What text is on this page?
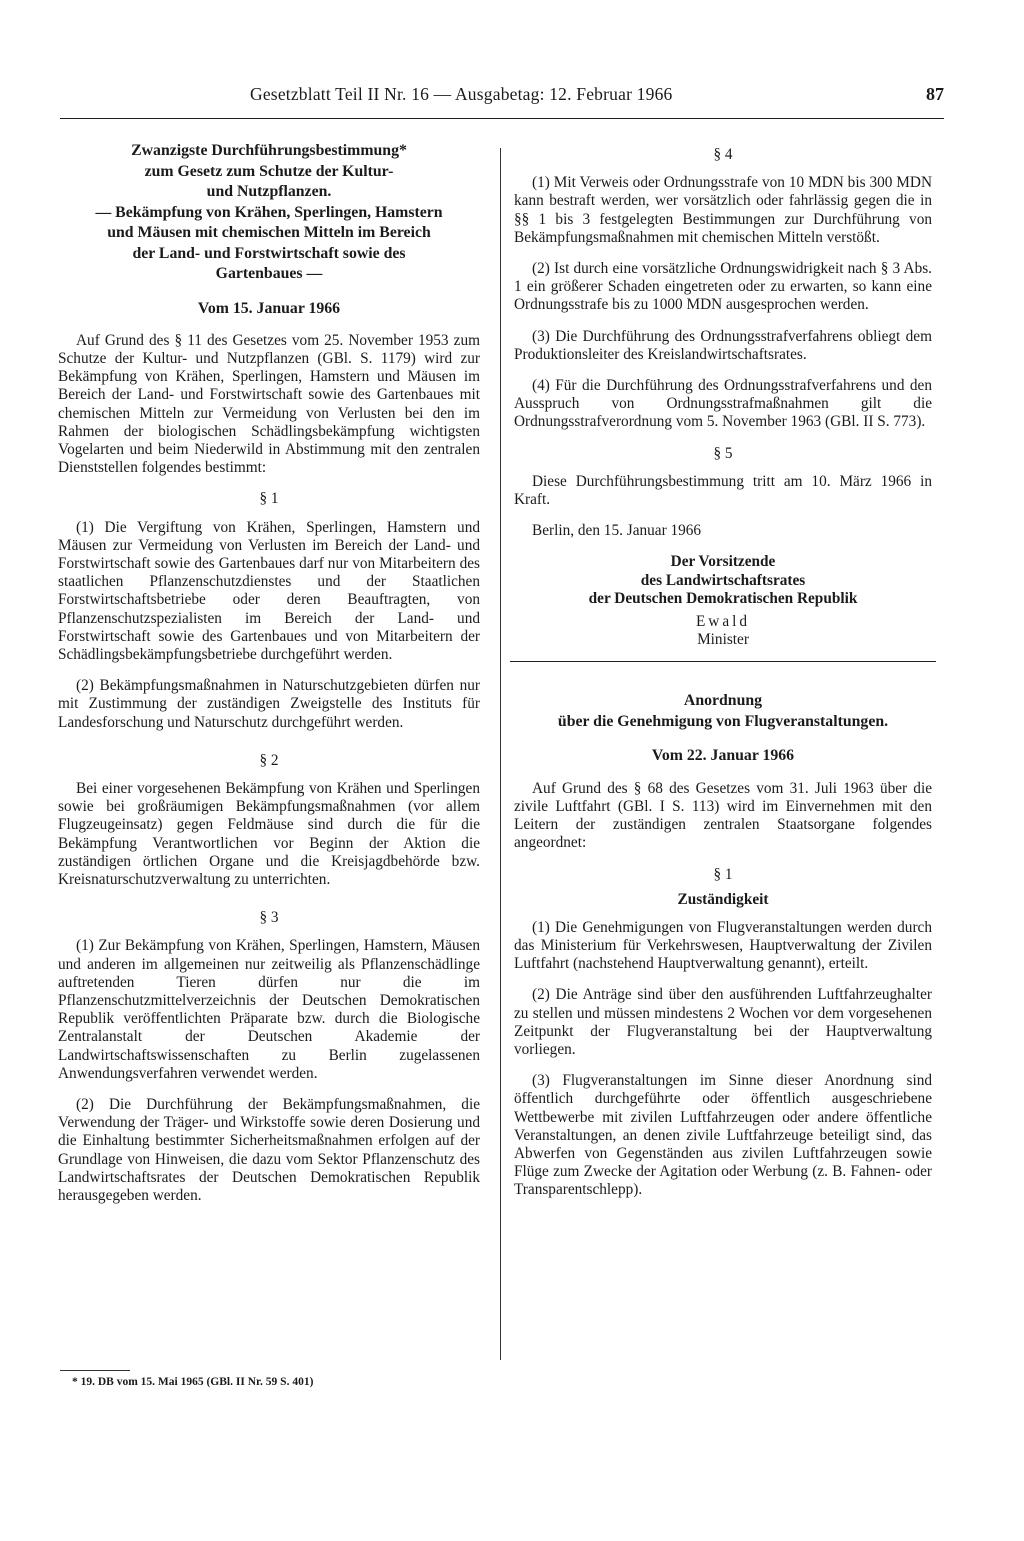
Gesetzblatt Teil II Nr. 16 — Ausgabetag: 12. Februar 1966	87
Zwanzigste Durchführungsbestimmung*
zum Gesetz zum Schutze der Kultur-
und Nutzpflanzen.
— Bekämpfung von Krähen, Sperlingen, Hamstern
und Mäusen mit chemischen Mitteln im Bereich
der Land- und Forstwirtschaft sowie des
Gartenbaues —
Vom 15. Januar 1966

Auf Grund des § 11 des Gesetzes vom 25. November 1953 zum Schutze der Kultur- und Nutzpflanzen (GBl. S. 1179) wird zur Bekämpfung von Krähen, Sperlingen, Hamstern und Mäusen im Bereich der Land- und Forstwirtschaft sowie des Gartenbaues mit chemischen Mitteln zur Vermeidung von Verlusten bei den im Rahmen der biologischen Schädlingsbekämpfung wichtigsten Vogelarten und beim Niederwild in Abstimmung mit den zentralen Dienststellen folgendes bestimmt:

§ 1

(1) Die Vergiftung von Krähen, Sperlingen, Hamstern und Mäusen zur Vermeidung von Verlusten im Bereich der Land- und Forstwirtschaft sowie des Gartenbaues darf nur von Mitarbeitern des staatlichen Pflanzenschutzdienstes und der Staatlichen Forstwirtschaftsbetriebe oder deren Beauftragten, von Pflanzenschutzspezialisten im Bereich der Land- und Forstwirtschaft sowie des Gartenbaues und von Mitarbeitern der Schädlingsbekämpfungsbetriebe durchgeführt werden.

(2) Bekämpfungsmaßnahmen in Naturschutzgebieten dürfen nur mit Zustimmung der zuständigen Zweigstelle des Instituts für Landesforschung und Naturschutz durchgeführt werden.

§ 2

Bei einer vorgesehenen Bekämpfung von Krähen und Sperlingen sowie bei großräumigen Bekämpfungsmaßnahmen (vor allem Flugzeugeinsatz) gegen Feldmäuse sind durch die für die Bekämpfung Verantwortlichen vor Beginn der Aktion die zuständigen örtlichen Organe und die Kreisjagdbehörde bzw. Kreisnaturschutzverwaltung zu unterrichten.

§ 3

(1) Zur Bekämpfung von Krähen, Sperlingen, Hamstern, Mäusen und anderen im allgemeinen nur zeitweilig als Pflanzenschädlinge auftretenden Tieren dürfen nur die im Pflanzenschutzmittelverzeichnis der Deutschen Demokratischen Republik veröffentlichten Präparate bzw. durch die Biologische Zentralanstalt der Deutschen Akademie der Landwirtschaftswissenschaften zu Berlin zugelassenen Anwendungsverfahren verwendet werden.

(2) Die Durchführung der Bekämpfungsmaßnahmen, die Verwendung der Träger- und Wirkstoffe sowie deren Dosierung und die Einhaltung bestimmter Sicherheitsmaßnahmen erfolgen auf der Grundlage von Hinweisen, die dazu vom Sektor Pflanzenschutz des Landwirtschaftsrates der Deutschen Demokratischen Republik herausgegeben werden.

* 19. DB vom 15. Mai 1965 (GBl. II Nr. 59 S. 401)
§ 4

(1) Mit Verweis oder Ordnungsstrafe von 10 MDN bis 300 MDN kann bestraft werden, wer vorsätzlich oder fahrlässig gegen die in §§ 1 bis 3 festgelegten Bestimmungen zur Durchführung von Bekämpfungsmaßnahmen mit chemischen Mitteln verstößt.

(2) Ist durch eine vorsätzliche Ordnungswidrigkeit nach § 3 Abs. 1 ein größerer Schaden eingetreten oder zu erwarten, so kann eine Ordnungsstrafe bis zu 1000 MDN ausgesprochen werden.

(3) Die Durchführung des Ordnungsstrafverfahrens obliegt dem Produktionsleiter des Kreislandwirtschaftsrates.

(4) Für die Durchführung des Ordnungsstrafverfahrens und den Ausspruch von Ordnungsstrafmaßnahmen gilt die Ordnungsstrafverordnung vom 5. November 1963 (GBl. II S. 773).

§ 5

Diese Durchführungsbestimmung tritt am 10. März 1966 in Kraft.

Berlin, den 15. Januar 1966

Der Vorsitzende
des Landwirtschaftsrates
der Deutschen Demokratischen Republik
Ewald
Minister
Anordnung
über die Genehmigung von Flugveranstaltungen.
Vom 22. Januar 1966

Auf Grund des § 68 des Gesetzes vom 31. Juli 1963 über die zivile Luftfahrt (GBl. I S. 113) wird im Einvernehmen mit den Leitern der zuständigen zentralen Staatsorgane folgendes angeordnet:

§ 1
Zuständigkeit

(1) Die Genehmigungen von Flugveranstaltungen werden durch das Ministerium für Verkehrswesen, Hauptverwaltung der Zivilen Luftfahrt (nachstehend Hauptverwaltung genannt), erteilt.

(2) Die Anträge sind über den ausführenden Luftfahrzeughalter zu stellen und müssen mindestens 2 Wochen vor dem vorgesehenen Zeitpunkt der Flugveranstaltung bei der Hauptverwaltung vorliegen.

(3) Flugveranstaltungen im Sinne dieser Anordnung sind öffentlich durchgeführte oder öffentlich ausgeschriebene Wettbewerbe mit zivilen Luftfahrzeugen oder andere öffentliche Veranstaltungen, an denen zivile Luftfahrzeuge beteiligt sind, das Abwerfen von Gegenständen aus zivilen Luftfahrzeugen sowie Flüge zum Zwecke der Agitation oder Werbung (z. B. Fahnen- oder Transparentschlepp).
